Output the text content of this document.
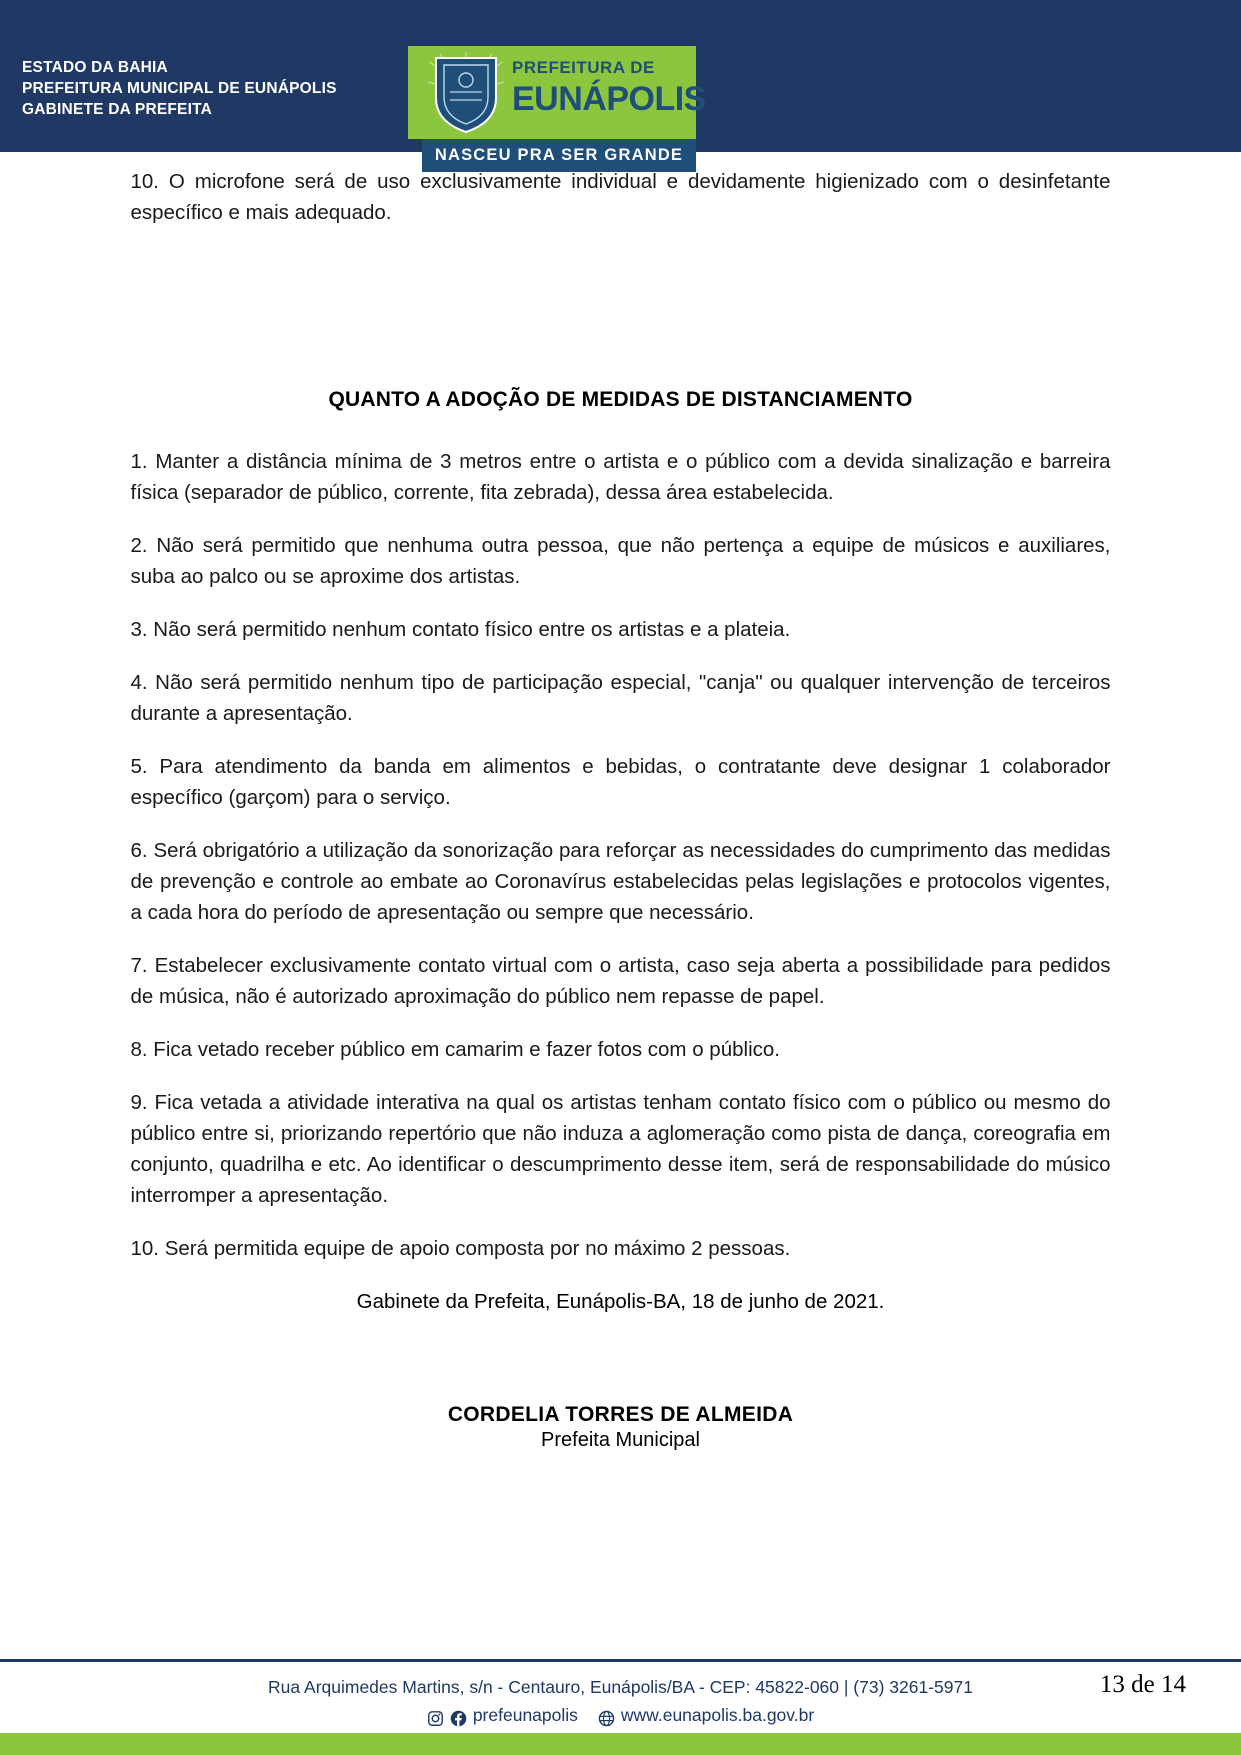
ESTADO DA BAHIA
PREFEITURA MUNICIPAL DE EUNÁPOLIS
GABINETE DA PREFEITA
PREFEITURA DE
EUNÁPOLIS
NASCEU PRA SER GRANDE

10. O microfone será de uso exclusivamente individual e devidamente higienizado com o desinfetante específico e mais adequado.

QUANTO A ADOÇÃO DE MEDIDAS DE DISTANCIAMENTO

1. Manter a distância mínima de 3 metros entre o artista e o público com a devida sinalização e barreira física (separador de público, corrente, fita zebrada), dessa área estabelecida.

2. Não será permitido que nenhuma outra pessoa, que não pertença a equipe de músicos e auxiliares, suba ao palco ou se aproxime dos artistas.

3. Não será permitido nenhum contato físico entre os artistas e a plateia.

4. Não será permitido nenhum tipo de participação especial, "canja" ou qualquer intervenção de terceiros durante a apresentação.

5. Para atendimento da banda em alimentos e bebidas, o contratante deve designar 1 colaborador específico (garçom) para o serviço.

6. Será obrigatório a utilização da sonorização para reforçar as necessidades do cumprimento das medidas de prevenção e controle ao embate ao Coronavírus estabelecidas pelas legislações e protocolos vigentes, a cada hora do período de apresentação ou sempre que necessário.

7. Estabelecer exclusivamente contato virtual com o artista, caso seja aberta a possibilidade para pedidos de música, não é autorizado aproximação do público nem repasse de papel.

8. Fica vetado receber público em camarim e fazer fotos com o público.

9. Fica vetada a atividade interativa na qual os artistas tenham contato físico com o público ou mesmo do público entre si, priorizando repertório que não induza a aglomeração como pista de dança, coreografia em conjunto, quadrilha e etc. Ao identificar o descumprimento desse item, será de responsabilidade do músico interromper a apresentação.

10. Será permitida equipe de apoio composta por no máximo 2 pessoas.

Gabinete da Prefeita, Eunápolis-BA, 18 de junho de 2021.

CORDELIA TORRES DE ALMEIDA
Prefeita Municipal
Rua Arquimedes Martins, s/n - Centauro, Eunápolis/BA - CEP: 45822-060 | (73) 3261-5971
prefeunapolis www.eunapolis.ba.gov.br
13 de 14
